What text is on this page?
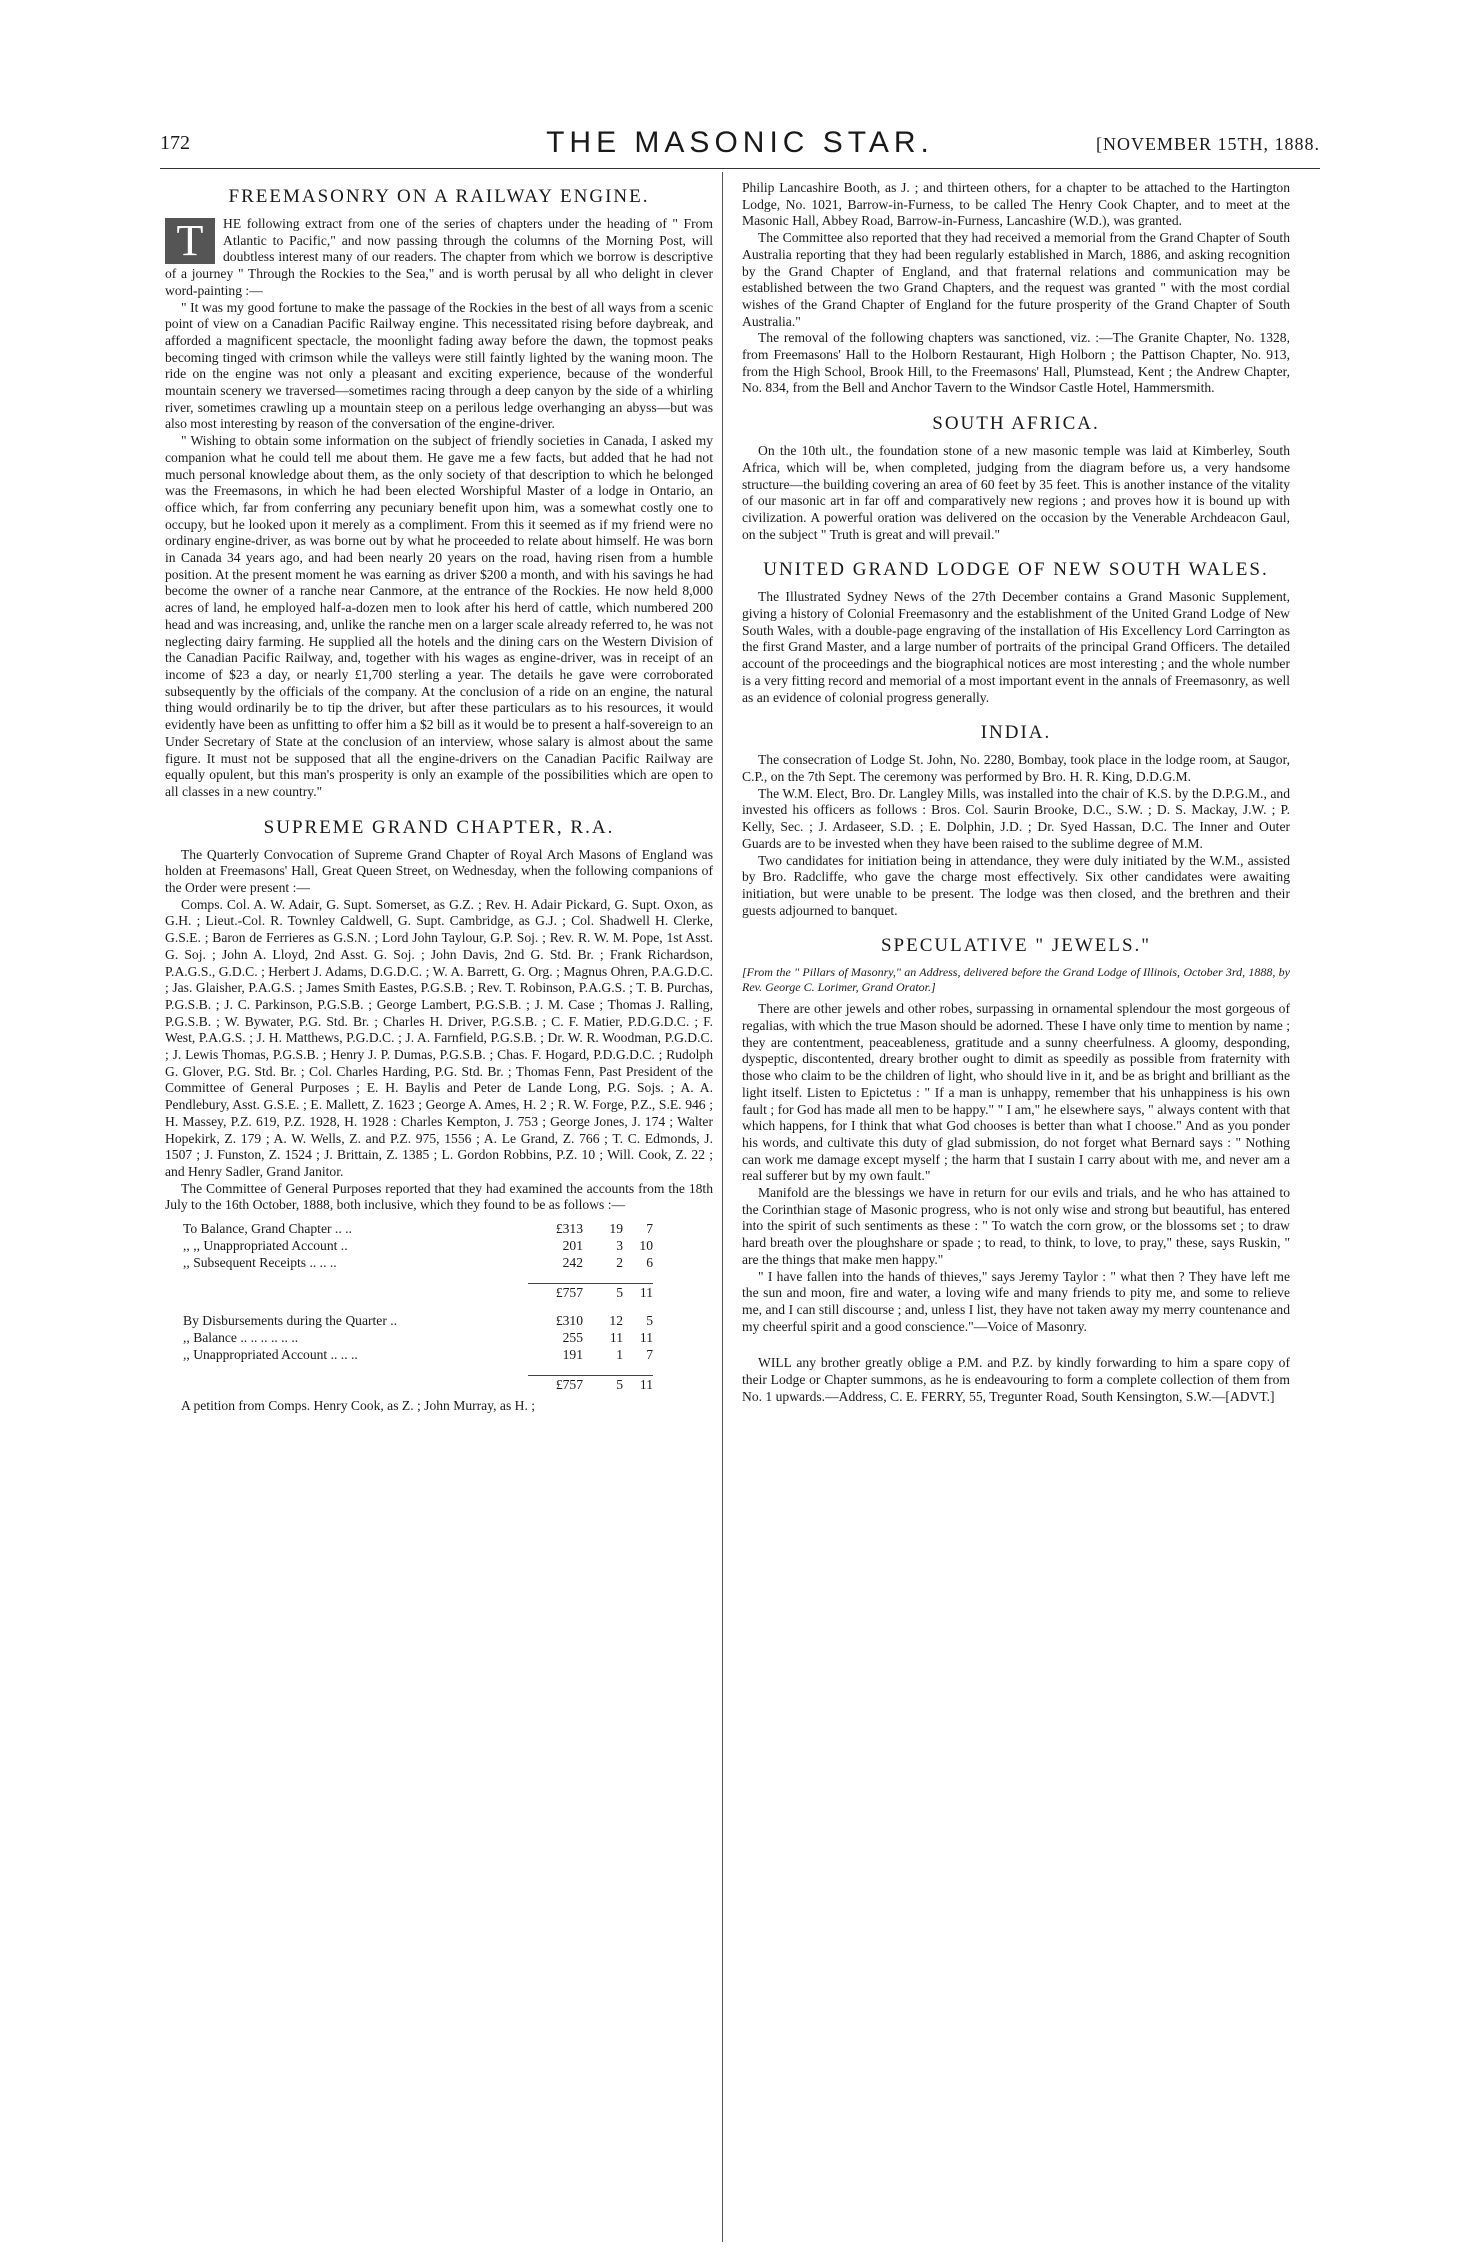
172	THE MASONIC STAR.	[NOVEMBER 15TH, 1888.
FREEMASONRY ON A RAILWAY ENGINE.

T	HE following extract from one of the series of chapters under the heading of " From Atlantic to Pacific," and now passing through the columns of the Morning Post, will doubtless interest many of our readers. The chapter from which we borrow is descriptive of a journey " Through the Rockies to the Sea," and is worth perusal by all who delight in clever word-painting :—

" It was my good fortune to make the passage of the Rockies in the best of all ways from a scenic point of view on a Canadian Pacific Railway engine. This necessitated rising before daybreak, and afforded a magnificent spectacle, the moonlight fading away before the dawn, the topmost peaks becoming tinged with crimson while the valleys were still faintly lighted by the waning moon. The ride on the engine was not only a pleasant and exciting experience, because of the wonderful mountain scenery we traversed—sometimes racing through a deep canyon by the side of a whirling river, sometimes crawling up a mountain steep on a perilous ledge overhanging an abyss—but was also most interesting by reason of the conversation of the engine-driver.

" Wishing to obtain some information on the subject of friendly societies in Canada, I asked my companion what he could tell me about them. He gave me a few facts, but added that he had not much personal knowledge about them, as the only society of that description to which he belonged was the Freemasons, in which he had been elected Worshipful Master of a lodge in Ontario, an office which, far from conferring any pecuniary benefit upon him, was a somewhat costly one to occupy, but he looked upon it merely as a compliment. From this it seemed as if my friend were no ordinary engine-driver, as was borne out by what he proceeded to relate about himself. He was born in Canada 34 years ago, and had been nearly 20 years on the road, having risen from a humble position. At the present moment he was earning as driver $200 a month, and with his savings he had become the owner of a ranche near Canmore, at the entrance of the Rockies. He now held 8,000 acres of land, he employed half-a-dozen men to look after his herd of cattle, which numbered 200 head and was increasing, and, unlike the ranche men on a larger scale already referred to, he was not neglecting dairy farming. He supplied all the hotels and the dining cars on the Western Division of the Canadian Pacific Railway, and, together with his wages as engine-driver, was in receipt of an income of $23 a day, or nearly £1,700 sterling a year. The details he gave were corroborated subsequently by the officials of the company. At the conclusion of a ride on an engine, the natural thing would ordinarily be to tip the driver, but after these particulars as to his resources, it would evidently have been as unfitting to offer him a $2 bill as it would be to present a half-sovereign to an Under Secretary of State at the conclusion of an interview, whose salary is almost about the same figure. It must not be supposed that all the engine-drivers on the Canadian Pacific Railway are equally opulent, but this man's prosperity is only an example of the possibilities which are open to all classes in a new country."

SUPREME GRAND CHAPTER, R.A.

The Quarterly Convocation of Supreme Grand Chapter of Royal Arch Masons of England was holden at Freemasons' Hall, Great Queen Street, on Wednesday, when the following companions of the Order were present :—

Comps. Col. A. W. Adair, G. Supt. Somerset, as G.Z. ; Rev. H. Adair Pickard, G. Supt. Oxon, as G.H. ; Lieut.-Col. R. Townley Caldwell, G. Supt. Cambridge, as G.J. ; Col. Shadwell H. Clerke, G.S.E. ; Baron de Ferrieres as G.S.N. ; Lord John Taylour, G.P. Soj. ; Rev. R. W. M. Pope, 1st Asst. G. Soj. ; John A. Lloyd, 2nd Asst. G. Soj. ; John Davis, 2nd G. Std. Br. ; Frank Richardson, P.A.G.S., G.D.C. ; Herbert J. Adams, D.G.D.C. ; W. A. Barrett, G. Org. ; Magnus Ohren, P.A.G.D.C. ; Jas. Glaisher, P.A.G.S. ; James Smith Eastes, P.G.S.B. ; Rev. T. Robinson, P.A.G.S. ; T. B. Purchas, P.G.S.B. ; J. C. Parkinson, P.G.S.B. ; George Lambert, P.G.S.B. ; J. M. Case ; Thomas J. Ralling, P.G.S.B. ; W. Bywater, P.G. Std. Br. ; Charles H. Driver, P.G.S.B. ; C. F. Matier, P.D.G.D.C. ; F. West, P.A.G.S. ; J. H. Matthews, P.G.D.C. ; J. A. Farnfield, P.G.S.B. ; Dr. W. R. Woodman, P.G.D.C. ; J. Lewis Thomas, P.G.S.B. ; Henry J. P. Dumas, P.G.S.B. ; Chas. F. Hogard, P.D.G.D.C. ; Rudolph G. Glover, P.G. Std. Br. ; Col. Charles Harding, P.G. Std. Br. ; Thomas Fenn, Past President of the Committee of General Purposes ; E. H. Baylis and Peter de Lande Long, P.G. Sojs. ; A. A. Pendlebury, Asst. G.S.E. ; E. Mallett, Z. 1623 ; George A. Ames, H. 2 ; R. W. Forge, P.Z., S.E. 946 ; H. Massey, P.Z. 619, P.Z. 1928, H. 1928 : Charles Kempton, J. 753 ; George Jones, J. 174 ; Walter Hopekirk, Z. 179 ; A. W. Wells, Z. and P.Z. 975, 1556 ; A. Le Grand, Z. 766 ; T. C. Edmonds, J. 1507 ; J. Funston, Z. 1524 ; J. Brittain, Z. 1385 ; L. Gordon Robbins, P.Z. 10 ; Will. Cook, Z. 22 ; and Henry Sadler, Grand Janitor.

The Committee of General Purposes reported that they had examined the accounts from the 18th July to the 16th October, 1888, both inclusive, which they found to be as follows :—

To Balance, Grand Chapter .. ..	£313	19	7
,, ,, Unappropriated Account ..	201	3	10
,, Subsequent Receipts .. .. ..	242	2	6
£757	5	11
By Disbursements during the Quarter ..	£310	12	5
,, Balance .. .. .. .. .. ..	255	11	11
,, Unappropriated Account .. .. ..	191	1	7
£757	5	11

A petition from Comps. Henry Cook, as Z. ; John Murray, as H. ;

Philip Lancashire Booth, as J. ; and thirteen others, for a chapter to be attached to the Hartington Lodge, No. 1021, Barrow-in-Furness, to be called The Henry Cook Chapter, and to meet at the Masonic Hall, Abbey Road, Barrow-in-Furness, Lancashire (W.D.), was granted.

The Committee also reported that they had received a memorial from the Grand Chapter of South Australia reporting that they had been regularly established in March, 1886, and asking recognition by the Grand Chapter of England, and that fraternal relations and communication may be established between the two Grand Chapters, and the request was granted " with the most cordial wishes of the Grand Chapter of England for the future prosperity of the Grand Chapter of South Australia."

The removal of the following chapters was sanctioned, viz. :—The Granite Chapter, No. 1328, from Freemasons' Hall to the Holborn Restaurant, High Holborn ; the Pattison Chapter, No. 913, from the High School, Brook Hill, to the Freemasons' Hall, Plumstead, Kent ; the Andrew Chapter, No. 834, from the Bell and Anchor Tavern to the Windsor Castle Hotel, Hammersmith.

SOUTH AFRICA.

On the 10th ult., the foundation stone of a new masonic temple was laid at Kimberley, South Africa, which will be, when completed, judging from the diagram before us, a very handsome structure—the building covering an area of 60 feet by 35 feet. This is another instance of the vitality of our masonic art in far off and comparatively new regions ; and proves how it is bound up with civilization. A powerful oration was delivered on the occasion by the Venerable Archdeacon Gaul, on the subject " Truth is great and will prevail."

UNITED GRAND LODGE OF NEW SOUTH WALES.

The Illustrated Sydney News of the 27th December contains a Grand Masonic Supplement, giving a history of Colonial Freemasonry and the establishment of the United Grand Lodge of New South Wales, with a double-page engraving of the installation of His Excellency Lord Carrington as the first Grand Master, and a large number of portraits of the principal Grand Officers. The detailed account of the proceedings and the biographical notices are most interesting ; and the whole number is a very fitting record and memorial of a most important event in the annals of Freemasonry, as well as an evidence of colonial progress generally.

INDIA.

The consecration of Lodge St. John, No. 2280, Bombay, took place in the lodge room, at Saugor, C.P., on the 7th Sept. The ceremony was performed by Bro. H. R. King, D.D.G.M.

The W.M. Elect, Bro. Dr. Langley Mills, was installed into the chair of K.S. by the D.P.G.M., and invested his officers as follows : Bros. Col. Saurin Brooke, D.C., S.W. ; D. S. Mackay, J.W. ; P. Kelly, Sec. ; J. Ardaseer, S.D. ; E. Dolphin, J.D. ; Dr. Syed Hassan, D.C. The Inner and Outer Guards are to be invested when they have been raised to the sublime degree of M.M.

Two candidates for initiation being in attendance, they were duly initiated by the W.M., assisted by Bro. Radcliffe, who gave the charge most effectively. Six other candidates were awaiting initiation, but were unable to be present. The lodge was then closed, and the brethren and their guests adjourned to banquet.

SPECULATIVE " JEWELS."

[From the " Pillars of Masonry," an Address, delivered before the Grand Lodge of Illinois, October 3rd, 1888, by Rev. George C. Lorimer, Grand Orator.]

There are other jewels and other robes, surpassing in ornamental splendour the most gorgeous of regalias, with which the true Mason should be adorned. These I have only time to mention by name ; they are contentment, peaceableness, gratitude and a sunny cheerfulness. A gloomy, desponding, dyspeptic, discontented, dreary brother ought to dimit as speedily as possible from fraternity with those who claim to be the children of light, who should live in it, and be as bright and brilliant as the light itself. Listen to Epictetus : " If a man is unhappy, remember that his unhappiness is his own fault ; for God has made all men to be happy." " I am," he elsewhere says, " always content with that which happens, for I think that what God chooses is better than what I choose." And as you ponder his words, and cultivate this duty of glad submission, do not forget what Bernard says : " Nothing can work me damage except myself ; the harm that I sustain I carry about with me, and never am a real sufferer but by my own fault."

Manifold are the blessings we have in return for our evils and trials, and he who has attained to the Corinthian stage of Masonic progress, who is not only wise and strong but beautiful, has entered into the spirit of such sentiments as these : " To watch the corn grow, or the blossoms set ; to draw hard breath over the ploughshare or spade ; to read, to think, to love, to pray," these, says Ruskin, " are the things that make men happy."

" I have fallen into the hands of thieves," says Jeremy Taylor : " what then ? They have left me the sun and moon, fire and water, a loving wife and many friends to pity me, and some to relieve me, and I can still discourse ; and, unless I list, they have not taken away my merry countenance and my cheerful spirit and a good conscience."—Voice of Masonry.

WILL any brother greatly oblige a P.M. and P.Z. by kindly forwarding to him a spare copy of their Lodge or Chapter summons, as he is endeavouring to form a complete collection of them from No. 1 upwards.—Address, C. E. FERRY, 55, Tregunter Road, South Kensington, S.W.—[ADVT.]
